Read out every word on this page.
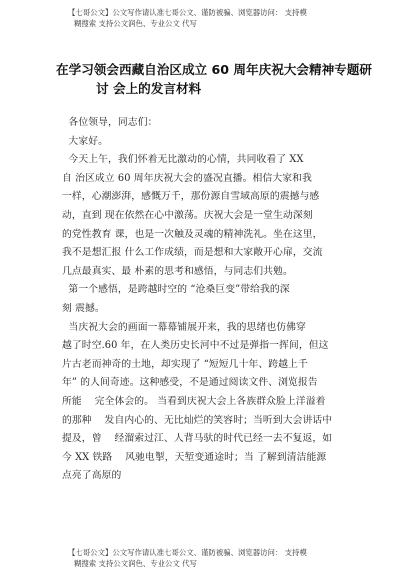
【七哥公文】公文写作请认准七哥公文、谨防被骗、浏览器访问： 支持模
糊搜索 支持公文润色、专业公文 代写
在学习领会西藏自治区成立 60 周年庆祝大会精神专题研
讨 会上的发言材料

各位领导，同志们：

大家好。

今天上午，我们怀着无比激动的心情，共同收看了 XX

自 治区成立 60 周年庆祝大会的盛况直播。相信大家和我

一样，心潮澎湃，感慨万千，那份源自雪域高原的震撼与感

动，直到 现在依然在心中激荡。庆祝大会是一堂生动深刻

的党性教育 课，也是一次触及灵魂的精神洗礼。坐在这里，

我不是想汇报 什么工作成绩，而是想和大家敞开心扉，交流

几点最真实、最 朴素的思考和感悟，与同志们共勉。

第一个感悟，是跨越时空的 “沧桑巨变”带给我的深

刻 震撼。

当庆祝大会的画面一幕幕铺展开来，我的思绪也仿佛穿

越了时空.60 年，在人类历史长河中不过是弹指一挥间，但这

片古老而神奇的土地，却实现了 “短短几十年、跨越上千

年” 的人间奇迹。这种感受，不是通过阅读文件、浏览报告

所能    完全体会的。 当看到庆祝大会上各族群众脸上洋溢着

的那种    发自内心的、无比灿烂的笑容时；当听到大会讲话中

提及，曾    经溜索过江、人背马驮的时代已经一去不复返，如

今 XX 铁路    风驰电掣，天堑变通途时；当 了解到清洁能源

点亮了高原的

【七哥公文】公文写作请认准七哥公文、谨防被骗、浏览器访问： 支持模
糊搜索 支持公文润色、专业公文 代写
